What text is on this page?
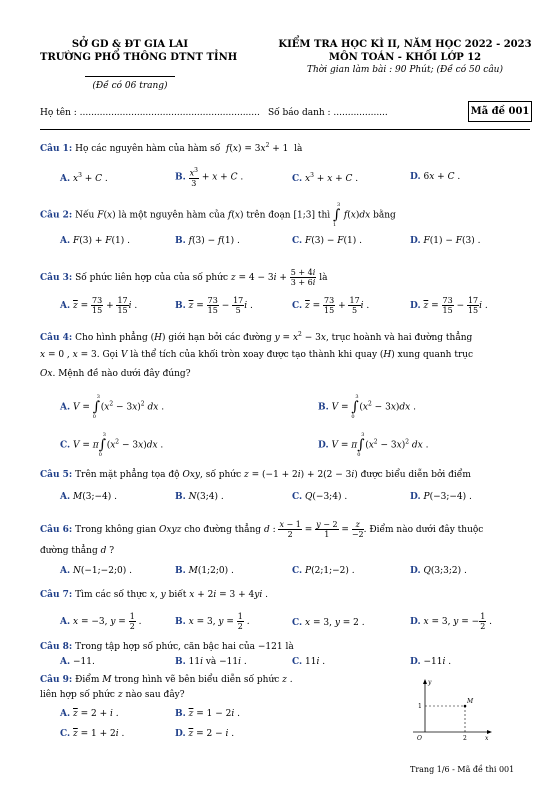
SỞ GD & ĐT GIA LAI
TRƯỜNG PHỔ THÔNG DTNT TỈNH
(Đề có 06 trang)
KIỂM TRA HỌC KÌ II, NĂM HỌC 2022 - 2023
MÔN TOÁN - KHỐI LỚP 12
Thời gian làm bài : 90 Phút; (Đề có 50 câu)
Họ tên : ............................................................... Số báo danh : ...................	Mã đề 001
Câu 1: Họ các nguyên hàm của hàm số  $f(x) = 3x^2 + 1$  là
A. $x^3 + C$ .	B. $\frac{x^3}{3} + x + C$ .	C. $x^3 + x + C$ .	D. 6x + C .
Câu 2: Nếu F(x) là một nguyên hàm của f(x) trên đoạn [1;3] thì ∫
3
1
f(x)dx bằng
A. F(3) + F(1) .	B. f(3) − f(1) .	C. F(3) − F(1) .	D. F(1) − F(3) .
Câu 3: Số phức liên hợp của của số phức $z = 4 - 3i + \frac{5 + 4i}{3 + 6i}$ là
A. $\overline{z} = \frac{73}{15} + \frac{17}{15}$ i .	B. $\overline{z} = \frac{73}{15} - \frac{17}{5}$ i .	C. $\overline{z} = \frac{73}{15} + \frac{17}{5}$ i .	D. $\overline{z} = \frac{73}{15} - \frac{17}{15}$ i .
Câu 4: Cho hình phẳng (H) giới hạn bởi các đường $y = x^2 - 3x$, trục hoành và hai đường thẳng
x = 0 , x = 3. Gọi V là thể tích của khối tròn xoay được tạo thành khi quay (H) xung quanh trục
Ox. Mệnh đề nào dưới đây đúng?
A. V = ∫
3
0
$(x^2 - 3x)^2$ dx .	B. V = ∫
3
0
$(x^2 - 3x)dx$ .
C. V = π∫
3
0
$(x^2 - 3x)dx$ .	D. V = π∫
3
0
$(x^2 - 3x)^2$ dx .
Câu 5: Trên mặt phẳng tọa độ Oxy, số phức z = (−1 + 2i) + 2(2 − 3i) được biểu diễn bởi điểm
A. M(3;−4) .	B. N(3;4) .	C. Q(−3;4) .	D. P(−3;−4) .
Câu 6: Trong không gian Oxyz cho đường thẳng d : $\frac{x - 1}{2} = \frac{y - 2}{1} = \frac{z}{-2}$ . Điểm nào dưới đây thuộc
đường thẳng d ?
A. N(−1;−2;0) .	B. M(1;2;0) .	C. P(2;1;−2) .	D. Q(3;3;2) .
Câu 7: Tìm các số thực x, y biết x + 2i = 3 + 4yi .
A. x = −3, $y = \frac{1}{2}$ .	B. x = 3, $y = \frac{1}{2}$ .	C. x = 3, y = 2 .	D. x = 3, y = − $\frac{1}{2}$ .
Câu 8: Trong tập hợp số phức, căn bậc hai của −121 là
A. −11.	B. 11i và −11i .	C. 11i .	D. −11i .
Câu 9: Điểm M trong hình vẽ bên biểu diễn số phức z .
liên hợp số phức z nào sau đây?
A. $\overline{z} = 2 + i$ .	B. $\overline{z} = 1 - 2i$ .
C. $\overline{z} = 1 + 2i$ .	D. $\overline{z} = 2 - i$ .
y
x
O
M
2
1
Trang 1/6 - Mã đề thi 001
